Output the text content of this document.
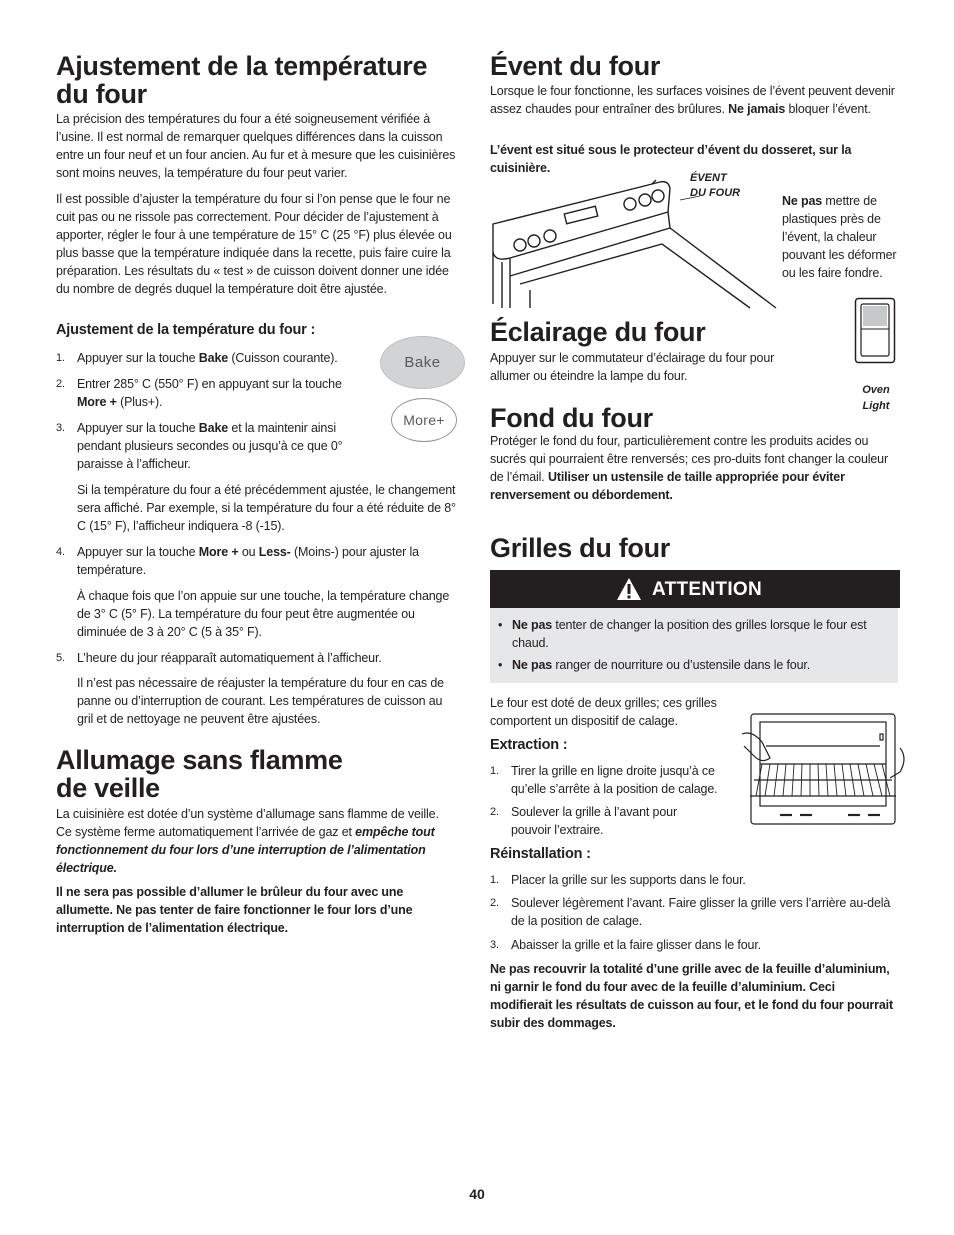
Ajustement de la température
du four

La précision des températures du four a été soigneusement vérifiée à l’usine. Il est normal de remarquer quelques différences dans la cuisson entre un four neuf et un four ancien. Au fur et à mesure que les cuisinières sont moins neuves, la température du four peut varier.

Il est possible d’ajuster la température du four si l’on pense que le four ne cuit pas ou ne rissole pas correctement. Pour décider de l’ajustement à apporter, régler le four à une température de 15° C (25 °F) plus élevée ou plus basse que la température indiquée dans la recette, puis faire cuire la préparation. Les résultats du « test » de cuisson doivent donner une idée du nombre de degrés duquel la température doit être ajustée.

Ajustement de la température du four :
1. Appuyer sur la touche Bake (Cuisson courante).
2. Entrer 285° C (550° F) en appuyant sur la touche
More + (Plus+).
3. Appuyer sur la touche Bake et la maintenir ainsi
pendant plusieurs secondes ou jusqu’à ce que 0°
paraisse à l’afficheur.

Si la température du four a été précédemment ajustée, le changement sera affiché. Par exemple, si la température du four a été réduite de 8° C (15° F), l’afficheur indiquera -8 (-15).

4. Appuyer sur la touche More + ou Less- (Moins-) pour ajuster la température.

À chaque fois que l’on appuie sur une touche, la température change de 3° C (5° F). La température du four peut être augmentée ou diminuée de 3 à 20° C (5 à 35° F).

5. L’heure du jour réapparaît automatiquement à l’afficheur.

Il n’est pas nécessaire de réajuster la température du four en cas de panne ou d’interruption de courant. Les températures de cuisson au gril et de nettoyage ne peuvent être ajustées.

Allumage sans flamme
de veille

La cuisinière est dotée d’un système d’allumage sans flamme de veille. Ce système ferme automatiquement l’arrivée de gaz et empêche tout fonctionnement du four lors d’une interruption de l’alimentation électrique.

Il ne sera pas possible d’allumer le brûleur du four avec une allumette. Ne pas tenter de faire fonctionner le four lors d’une interruption de l’alimentation électrique.

Bake
More+
Évent du four

Lorsque le four fonctionne, les surfaces voisines de l’évent peuvent devenir assez chaudes pour entraîner des brûlures. Ne jamais bloquer l’évent.

L’évent est situé sous le protecteur d’évent du dosseret, sur la cuisinière.

ÉVENT
DU FOUR

Ne pas mettre de plastiques près de l’évent, la chaleur pouvant les déformer ou les faire fondre.

Éclairage du four

Appuyer sur le commutateur d’éclairage du four pour allumer ou éteindre la lampe du four.

Oven
Light
Fond du four

Protéger le fond du four, particulièrement contre les produits acides ou sucrés qui pourraient être renversés; ces pro-duits font changer la couleur de l’émail. Utiliser un ustensile de taille appropriée pour éviter renversement ou débordement.

Grilles du four

Le four est doté de deux grilles; ces grilles comportent un dispositif de calage.

Extraction :
1. Tirer la grille en ligne droite jusqu’à ce qu’elle s’arrête à la position de calage.
2. Soulever la grille à l’avant pour pouvoir l’extraire.
Réinstallation :
1. Placer la grille sur les supports dans le four.
2. Soulever légèrement l’avant. Faire glisser la grille vers l’arrière au-delà de la position de calage.
3. Abaisser la grille et la faire glisser dans le four.

Ne pas recouvrir la totalité d’une grille avec de la feuille d’aluminium, ni garnir le fond du four avec de la feuille d’aluminium. Ceci modifierait les résultats de cuisson au four, et le fond du four pourrait subir des dommages.

ATTENTION
• Ne pas tenter de changer la position des grilles lorsque le four est chaud.
• Ne pas ranger de nourriture ou d’ustensile dans le four.
40
